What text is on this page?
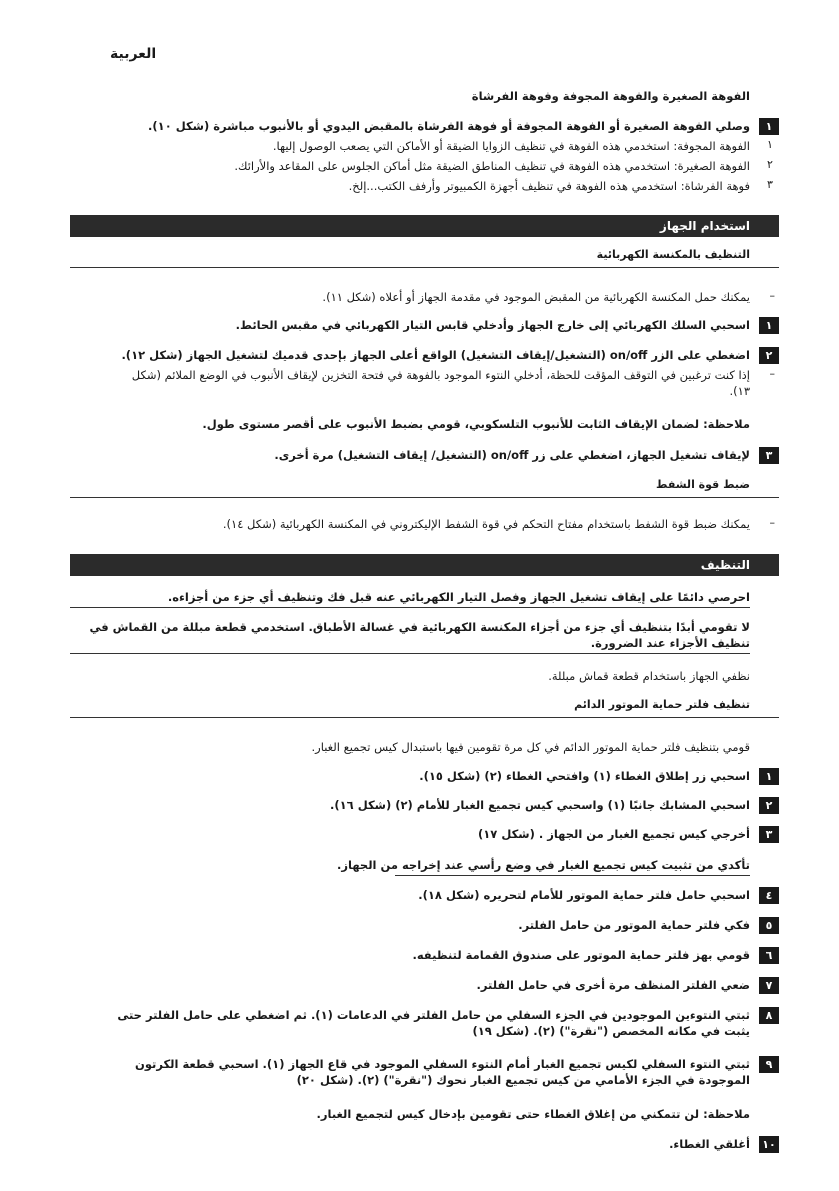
العربية
الفوهة الصغيرة والفوهة المجوفة وفوهة الفرشاة
١
وصلي الفوهة الصغيرة أو الفوهة المجوفة أو فوهة الفرشاة بالمقبض اليدوي أو بالأنبوب مباشرة (شكل ١٠).
١
الفوهة المجوفة: استخدمي هذه الفوهة في تنظيف الزوايا الضيقة أو الأماكن التي يصعب الوصول إليها.
٢
الفوهة الصغيرة: استخدمي هذه الفوهة في تنظيف المناطق الضيقة مثل أماكن الجلوس على المقاعد والأرائك.
٣
فوهة الفرشاة: استخدمي هذه الفوهة في تنظيف أجهزة الكمبيوتر وأرفف الكتب...إلخ.
استخدام الجهاز
التنظيف بالمكنسة الكهربائية
–
يمكنك حمل المكنسة الكهربائية من المقبض الموجود في مقدمة الجهاز أو أعلاه (شكل ١١).
١
اسحبي السلك الكهربائي إلى خارج الجهاز وأدخلي قابس التيار الكهربائي في مقبس الحائط.
٢
اضغطي على الزر on/off (التشغيل/إيقاف التشغيل) الواقع أعلى الجهاز بإحدى قدميك لتشغيل الجهاز (شكل ١٢).
–
إذا كنت ترغبين في التوقف المؤقت للحظة، أدخلي النتوء الموجود بالفوهة في فتحة التخزين لإيقاف الأنبوب في الوضع الملائم (شكل ١٣).
ملاحظة: لضمان الإيقاف الثابت للأنبوب التلسكوبي، قومي بضبط الأنبوب على أقصر مستوى طول.
٣
لإيقاف تشغيل الجهاز، اضغطي على زر on/off (التشغيل/ إيقاف التشغيل) مرة أخرى.
ضبط قوة الشفط
–
يمكنك ضبط قوة الشفط باستخدام مفتاح التحكم في قوة الشفط الإليكتروني في المكنسة الكهربائية (شكل ١٤).
التنظيف
احرصي دائمًا على إيقاف تشغيل الجهاز وفصل التيار الكهربائي عنه قبل فك وتنظيف أي جزء من أجزاءه.
لا تقومي أبدًا بتنظيف أي جزء من أجزاء المكنسة الكهربائية في غسالة الأطباق. استخدمي قطعة مبللة من القماش في تنظيف الأجزاء عند الضرورة.
نظفي الجهاز باستخدام قطعة قماش مبللة.
تنظيف فلتر حماية الموتور الدائم
قومي بتنظيف فلتر حماية الموتور الدائم في كل مرة تقومين فيها باستبدال كيس تجميع الغبار.
١
اسحبي زر إطلاق الغطاء (١) وافتحي الغطاء (٢) (شكل ١٥).
٢
اسحبي المشابك جانبًا (١) واسحبي كيس تجميع الغبار للأمام (٢) (شكل ١٦).
٣
أخرجي كيس تجميع الغبار من الجهاز . (شكل ١٧)
تأكدي من تثبيت كيس تجميع الغبار في وضع رأسي عند إخراجه من الجهاز.
٤
اسحبي حامل فلتر حماية الموتور للأمام لتحريره (شكل ١٨).
٥
فكي فلتر حماية الموتور من حامل الفلتر.
٦
قومي بهز فلتر حماية الموتور على صندوق القمامة لتنظيفه.
٧
ضعي الفلتر المنظف مرة أخرى في حامل الفلتر.
٨
ثبتي النتوءين الموجودين في الجزء السفلي من حامل الفلتر في الدعامات (١). ثم اضغطي على حامل الفلتر حتى يثبت في مكانه المخصص ("نقرة") (٢). (شكل ١٩)
٩
ثبتي النتوء السفلي لكيس تجميع الغبار أمام النتوء السفلي الموجود في قاع الجهاز (١). اسحبي قطعة الكرتون الموجودة في الجزء الأمامي من كيس تجميع الغبار نحوك ("نقرة") (٢). (شكل ٢٠)
ملاحظة: لن تتمكني من إغلاق الغطاء حتى تقومين بإدخال كيس لتجميع الغبار.
١٠
أغلقي الغطاء.
